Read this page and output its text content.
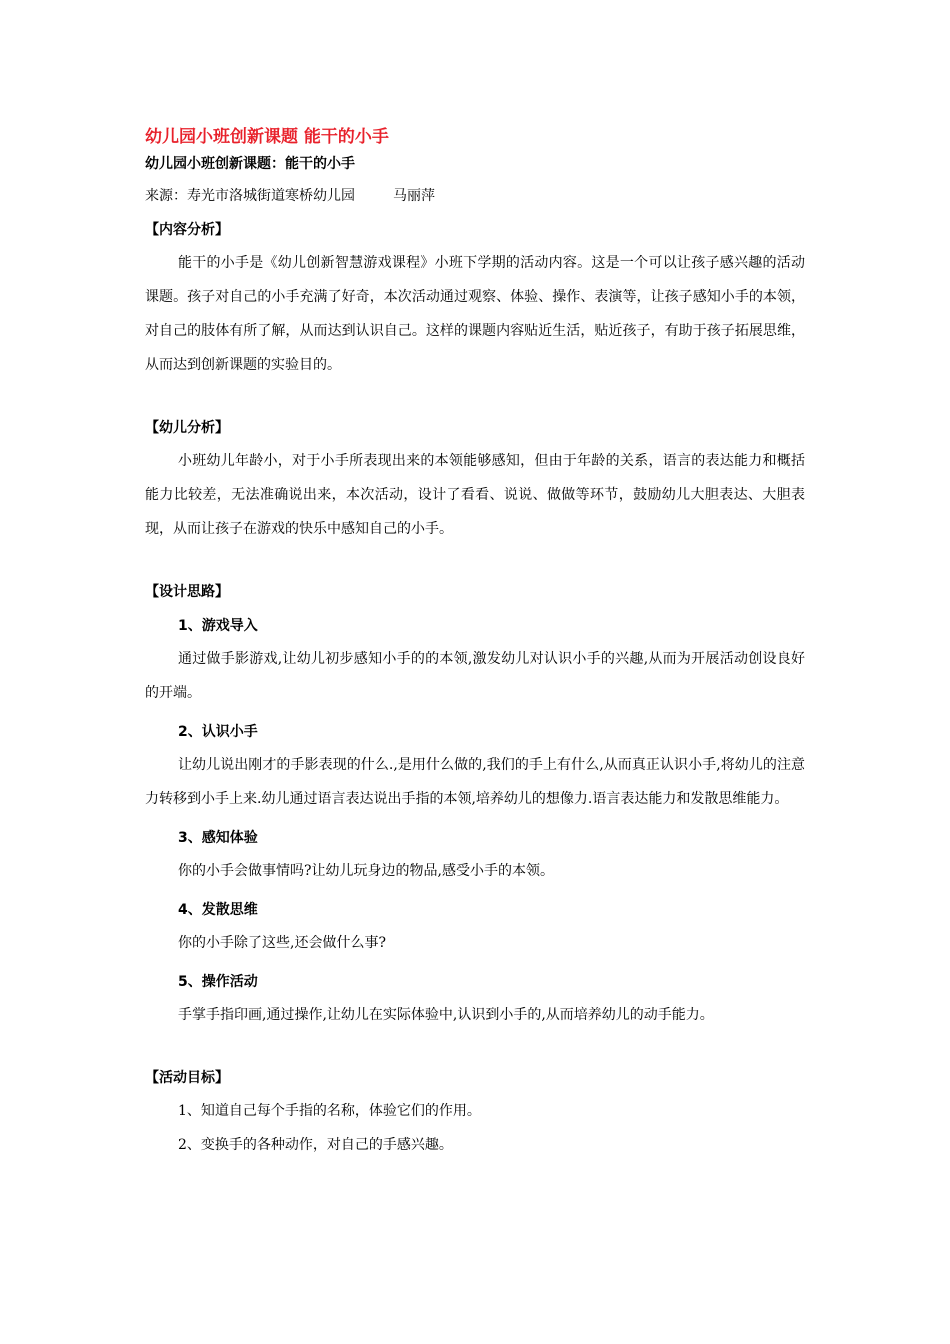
幼儿园小班创新课题 能干的小手
幼儿园小班创新课题：能干的小手

来源：寿光市洛城街道寒桥幼儿园	马丽萍

【内容分析】

能干的小手是《幼儿创新智慧游戏课程》小班下学期的活动内容。这是一个可以让孩子感兴趣的活动课题。孩子对自己的小手充满了好奇，本次活动通过观察、体验、操作、表演等，让孩子感知小手的本领，对自己的肢体有所了解，从而达到认识自己。这样的课题内容贴近生活，贴近孩子，有助于孩子拓展思维，从而达到创新课题的实验目的。

【幼儿分析】

小班幼儿年龄小，对于小手所表现出来的本领能够感知，但由于年龄的关系，语言的表达能力和概括能力比较差，无法准确说出来，本次活动，设计了看看、说说、做做等环节，鼓励幼儿大胆表达、大胆表现，从而让孩子在游戏的快乐中感知自己的小手。

【设计思路】
1、游戏导入

通过做手影游戏,让幼儿初步感知小手的的本领,激发幼儿对认识小手的兴趣,从而为开展活动创设良好的开端。

2、认识小手

让幼儿说出刚才的手影表现的什么.,是用什么做的,我们的手上有什么,从而真正认识小手,将幼儿的注意力转移到小手上来.幼儿通过语言表达说出手指的本领,培养幼儿的想像力.语言表达能力和发散思维能力。

3、感知体验

你的小手会做事情吗?让幼儿玩身边的物品,感受小手的本领。

4、发散思维

你的小手除了这些,还会做什么事?

5、操作活动

手掌手指印画,通过操作,让幼儿在实际体验中,认识到小手的,从而培养幼儿的动手能力。

【活动目标】

1、知道自己每个手指的名称，体验它们的作用。

2、变换手的各种动作，对自己的手感兴趣。
